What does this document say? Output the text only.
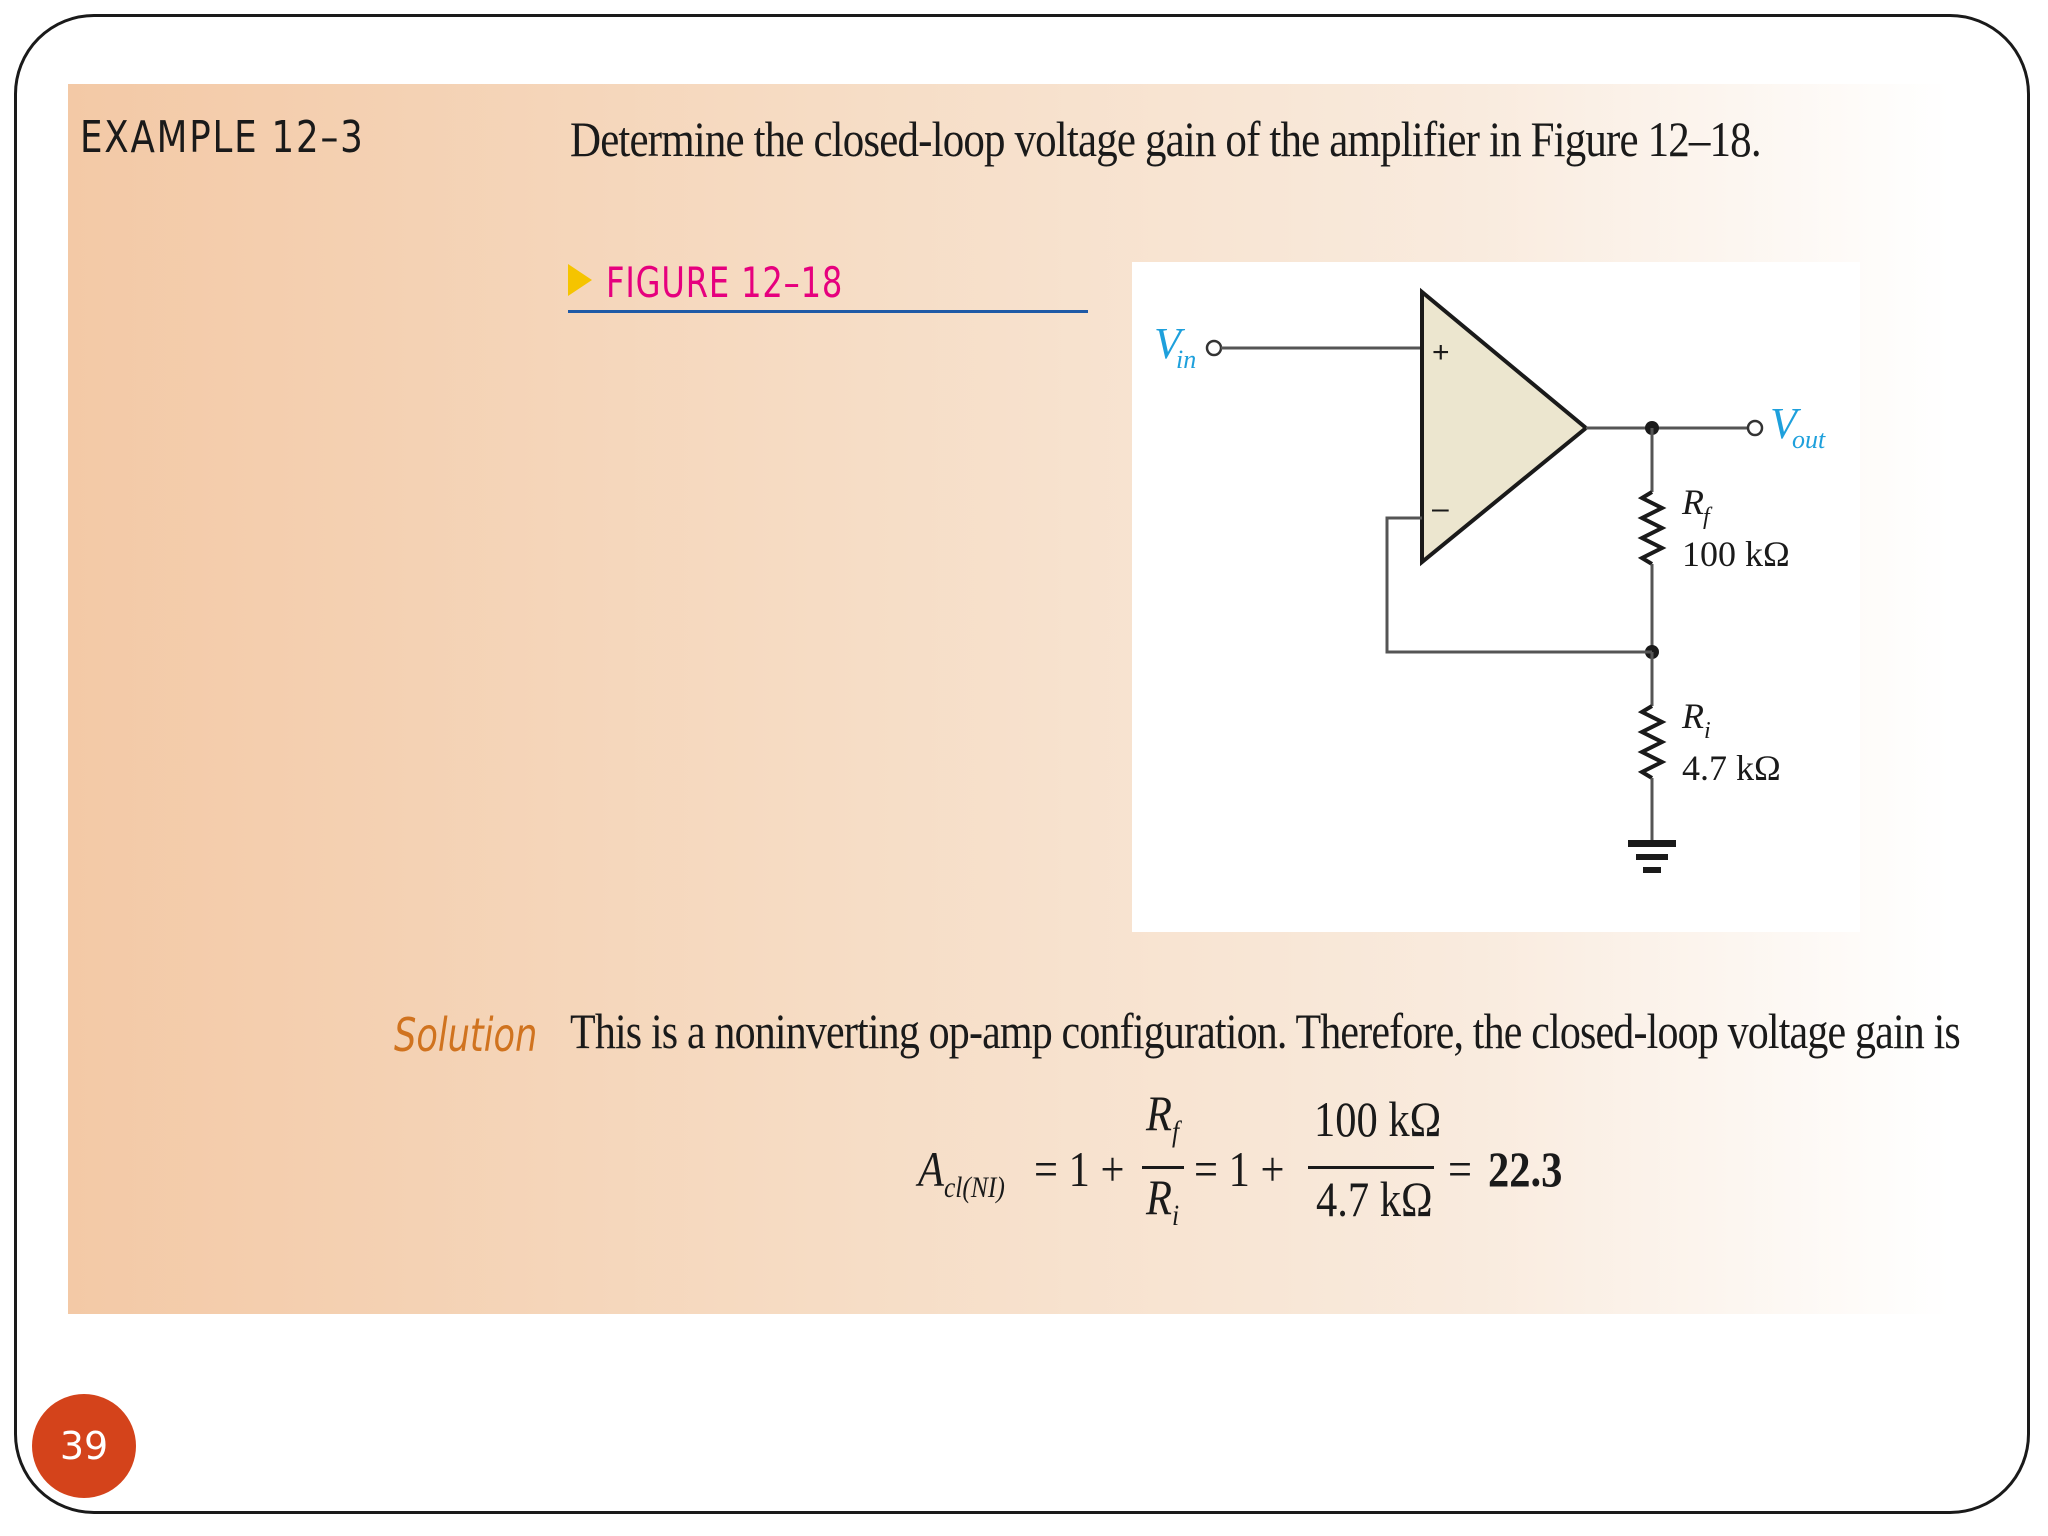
EXAMPLE 12–3	Determine the closed-loop voltage gain of the amplifier in Figure 12–18.
FIGURE 12–18
+
–
V
in
V
out
R f
100 kΩ
R i
4.7 kΩ
Solution This is a noninverting op-amp configuration. Therefore, the closed-loop voltage gain is
$A_{cl(NI)} = 1$ +
$R_f$
$R_i$
= 1 +
100 kΩ
4.7 kΩ
= 22.3
39
